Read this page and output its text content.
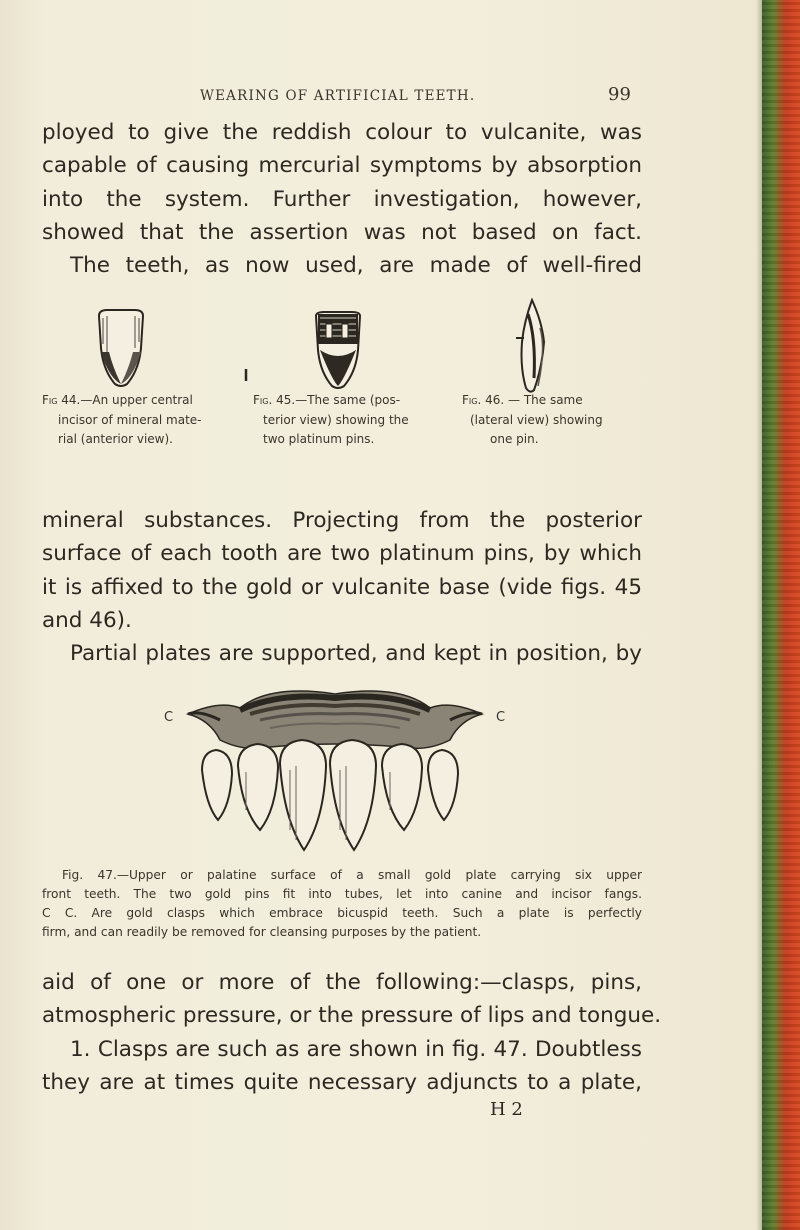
WEARING OF ARTIFICIAL TEETH.	99
ployed to give the reddish colour to vulcanite, was
capable of causing mercurial symptoms by absorption
into the system. Further investigation, however,
showed that the assertion was not based on fact.
The teeth, as now used, are made of well-fired
Fig 44.—An upper central
incisor of mineral mate-
rial (anterior view).
Fig. 45.—The same (pos-
terior view) showing the
two platinum pins.
Fig. 46. — The same
(lateral view) showing
one pin.
mineral substances. Projecting from the posterior
surface of each tooth are two platinum pins, by which
it is affixed to the gold or vulcanite base (vide figs. 45
and 46).
Partial plates are supported, and kept in position, by
C	C
Fig. 47.—Upper or palatine surface of a small gold plate carrying six upper
front teeth. The two gold pins fit into tubes, let into canine and incisor fangs.
C C. Are gold clasps which embrace bicuspid teeth. Such a plate is perfectly
firm, and can readily be removed for cleansing purposes by the patient.
aid of one or more of the following:—clasps, pins,
atmospheric pressure, or the pressure of lips and tongue.
1. Clasps are such as are shown in fig. 47. Doubtless
they are at times quite necessary adjuncts to a plate,
H 2
